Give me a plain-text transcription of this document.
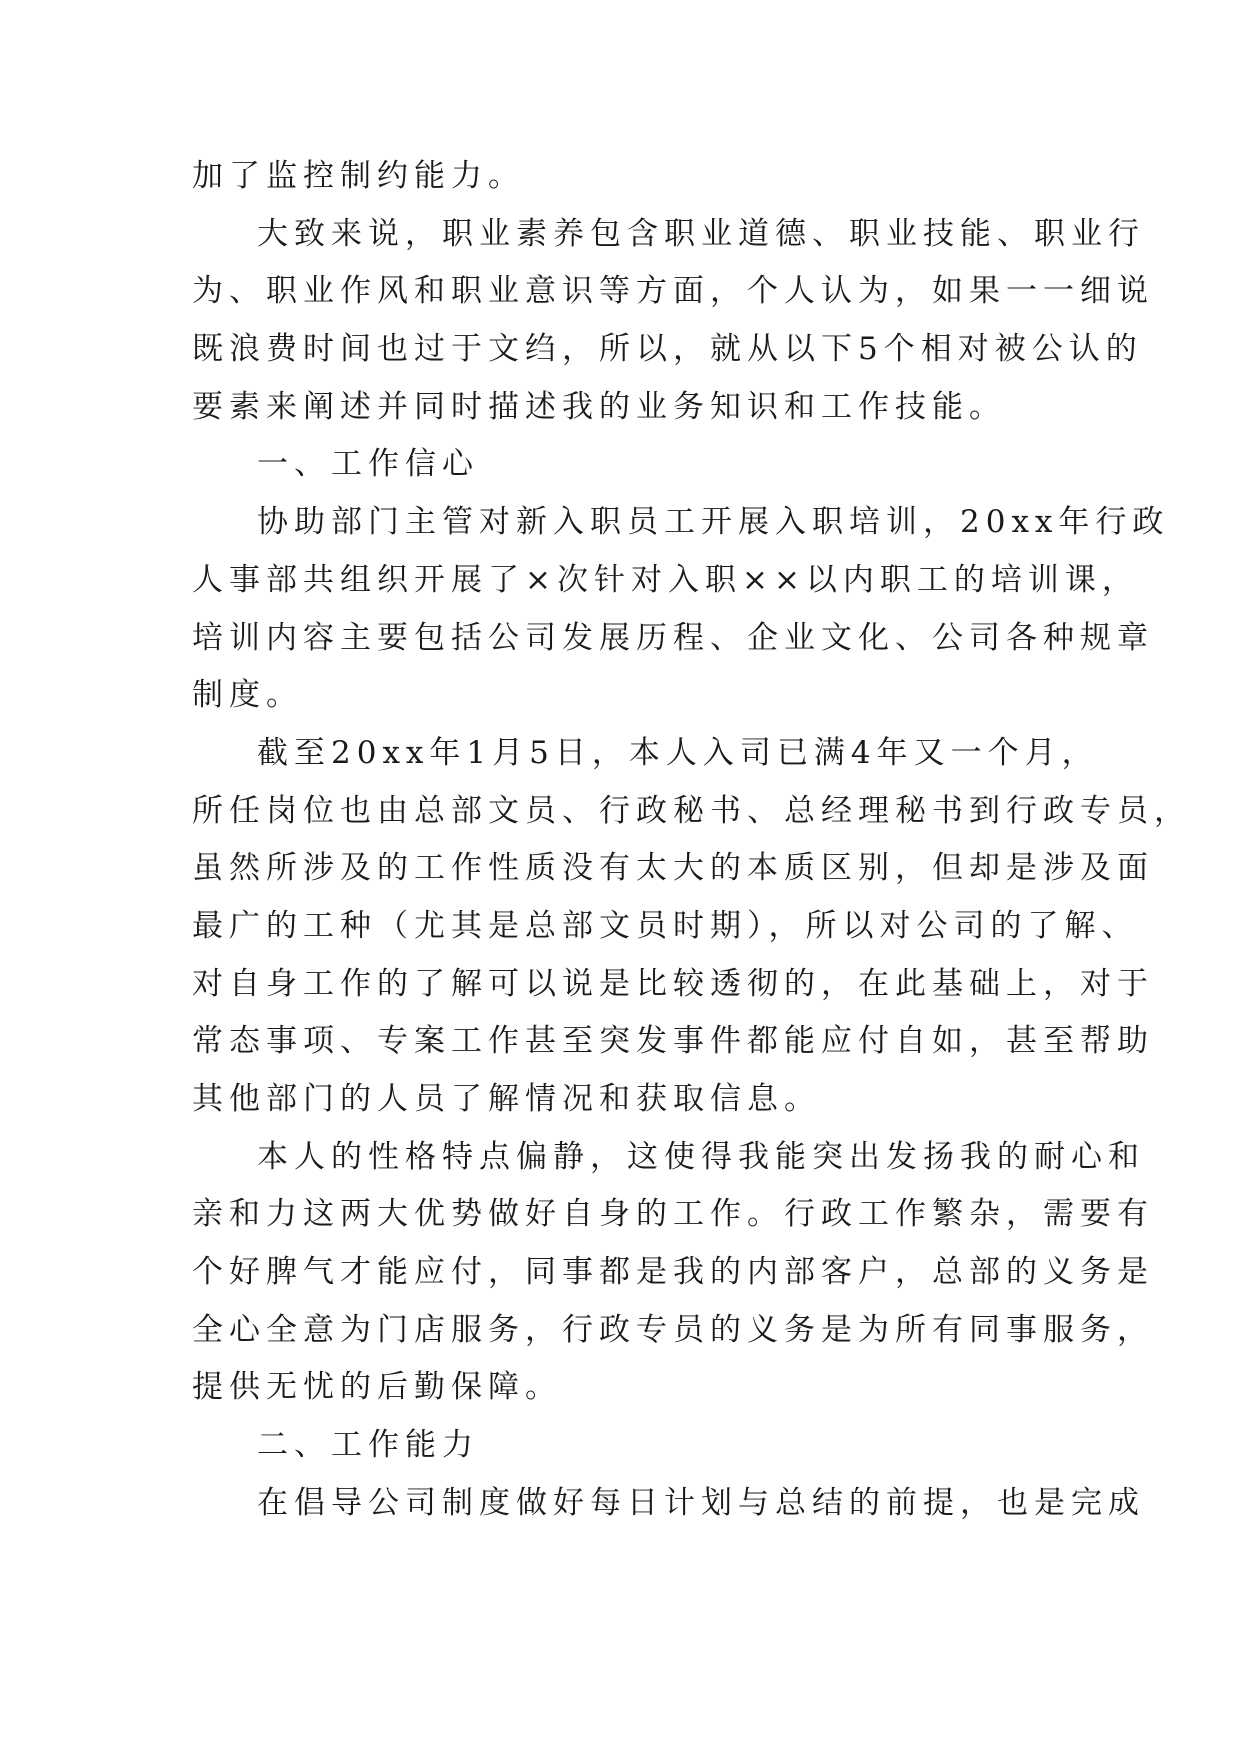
加了监控制约能力。
大致来说，职业素养包含职业道德、职业技能、职业行
为、职业作风和职业意识等方面，个人认为，如果一一细说
既浪费时间也过于文绉，所以，就从以下5个相对被公认的
要素来阐述并同时描述我的业务知识和工作技能。
一、工作信心
协助部门主管对新入职员工开展入职培训，20xx年行政
人事部共组织开展了×次针对入职××以内职工的培训课，
培训内容主要包括公司发展历程、企业文化、公司各种规章
制度。
截至20xx年1月5日，本人入司已满4年又一个月，
所任岗位也由总部文员、行政秘书、总经理秘书到行政专员，
虽然所涉及的工作性质没有太大的本质区别，但却是涉及面
最广的工种（尤其是总部文员时期），所以对公司的了解、
对自身工作的了解可以说是比较透彻的，在此基础上，对于
常态事项、专案工作甚至突发事件都能应付自如，甚至帮助
其他部门的人员了解情况和获取信息。
本人的性格特点偏静，这使得我能突出发扬我的耐心和
亲和力这两大优势做好自身的工作。行政工作繁杂，需要有
个好脾气才能应付，同事都是我的内部客户，总部的义务是
全心全意为门店服务，行政专员的义务是为所有同事服务，
提供无忧的后勤保障。
二、工作能力
在倡导公司制度做好每日计划与总结的前提，也是完成
